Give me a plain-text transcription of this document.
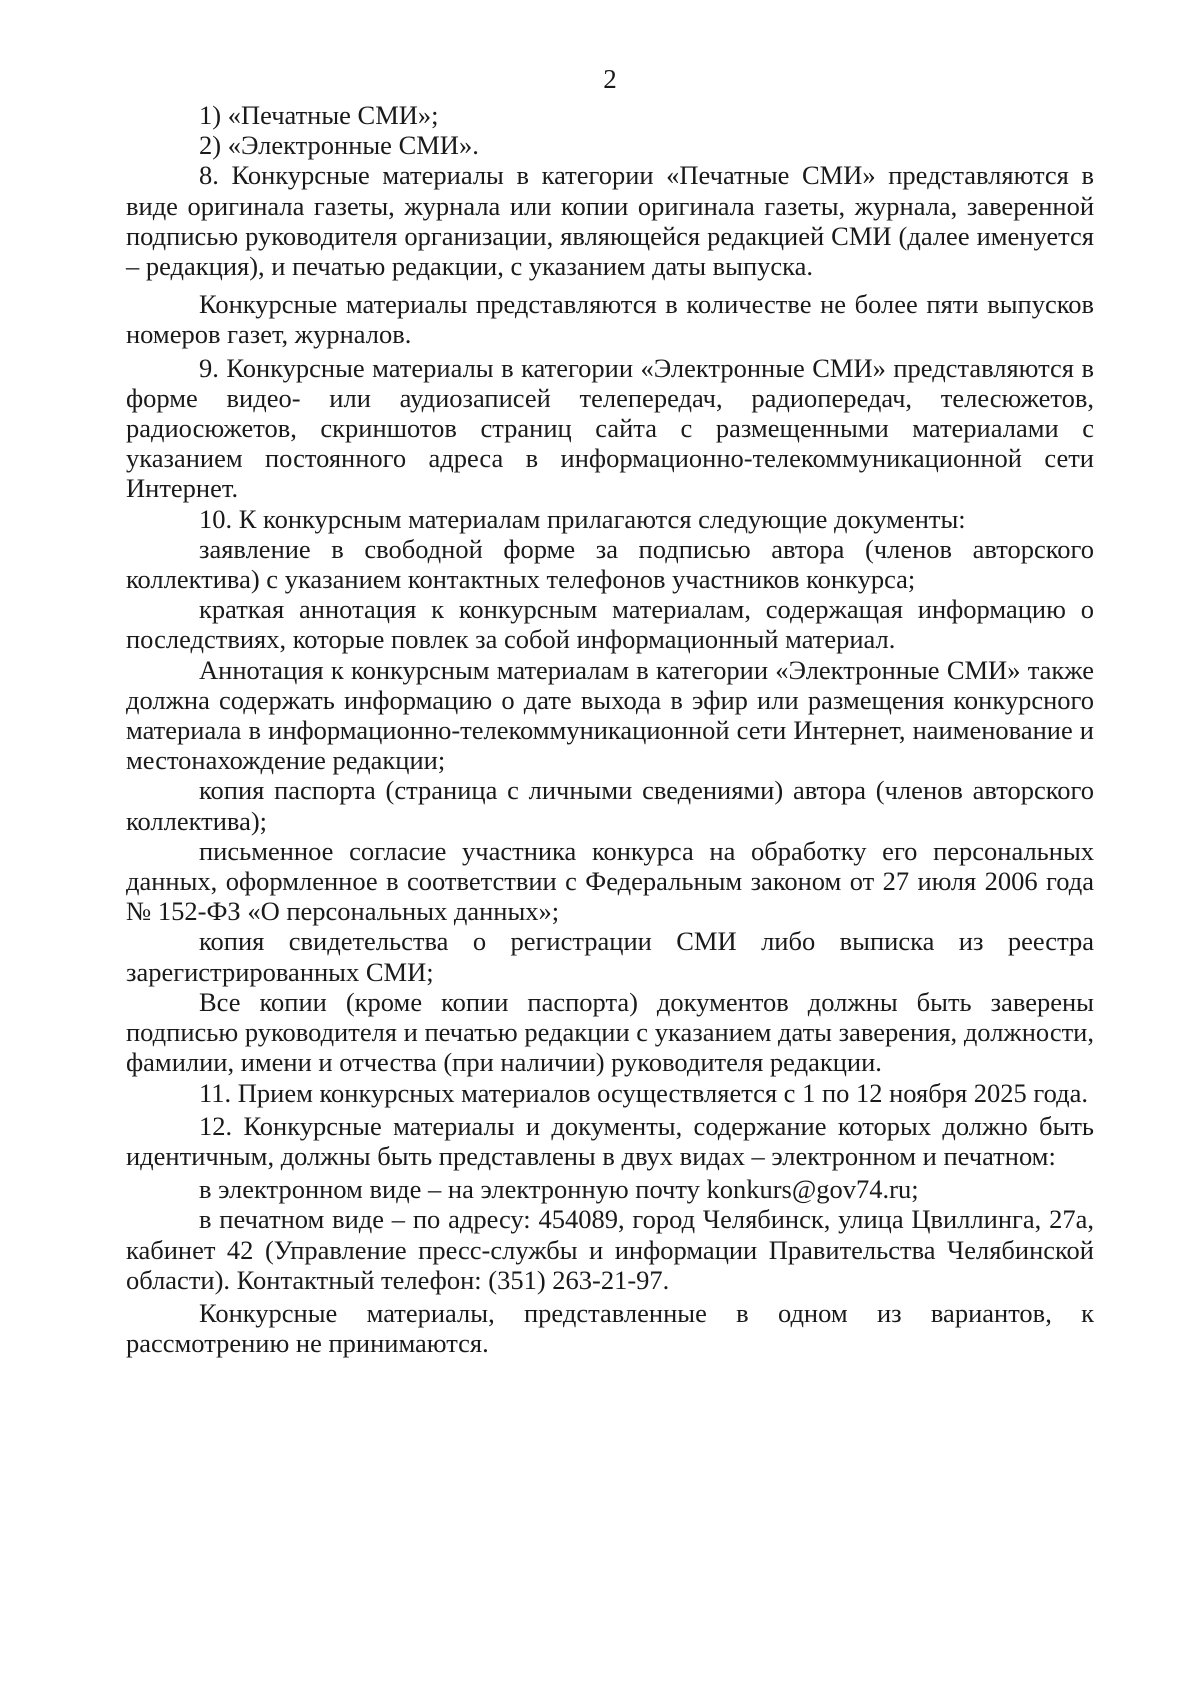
2

1) «Печатные СМИ»;

2) «Электронные СМИ».

8. Конкурсные материалы в категории «Печатные СМИ» представляются в виде оригинала газеты, журнала или копии оригинала газеты, журнала, заверенной подписью руководителя организации, являющейся редакцией СМИ (далее именуется – редакция), и печатью редакции, с указанием даты выпуска.

Конкурсные материалы представляются в количестве не более пяти выпусков номеров газет, журналов.

9. Конкурсные материалы в категории «Электронные СМИ» представляются в форме видео- или аудиозаписей телепередач, радиопередач, телесюжетов, радиосюжетов, скриншотов страниц сайта с размещенными материалами с указанием постоянного адреса в информационно-телекоммуникационной сети Интернет.

10. К конкурсным материалам прилагаются следующие документы:

заявление в свободной форме за подписью автора (членов авторского коллектива) с указанием контактных телефонов участников конкурса;

краткая аннотация к конкурсным материалам, содержащая информацию о последствиях, которые повлек за собой информационный материал.

Аннотация к конкурсным материалам в категории «Электронные СМИ» также должна содержать информацию о дате выхода в эфир или размещения конкурсного материала в информационно-телекоммуникационной сети Интернет, наименование и местонахождение редакции;

копия паспорта (страница с личными сведениями) автора (членов авторского коллектива);

письменное согласие участника конкурса на обработку его персональных данных, оформленное в соответствии с Федеральным законом от 27 июля 2006 года № 152-ФЗ «О персональных данных»;

копия свидетельства о регистрации СМИ либо выписка из реестра зарегистрированных СМИ;

Все копии (кроме копии паспорта) документов должны быть заверены подписью руководителя и печатью редакции с указанием даты заверения, должности, фамилии, имени и отчества (при наличии) руководителя редакции.

11. Прием конкурсных материалов осуществляется с 1 по 12 ноября 2025 года.

12. Конкурсные материалы и документы, содержание которых должно быть идентичным, должны быть представлены в двух видах – электронном и печатном:

в электронном виде – на электронную почту konkurs@gov74.ru;

в печатном виде – по адресу: 454089, город Челябинск, улица Цвиллинга, 27а, кабинет 42 (Управление пресс-службы и информации Правительства Челябинской области). Контактный телефон: (351) 263-21-97.

Конкурсные материалы, представленные в одном из вариантов, к рассмотрению не принимаются.
